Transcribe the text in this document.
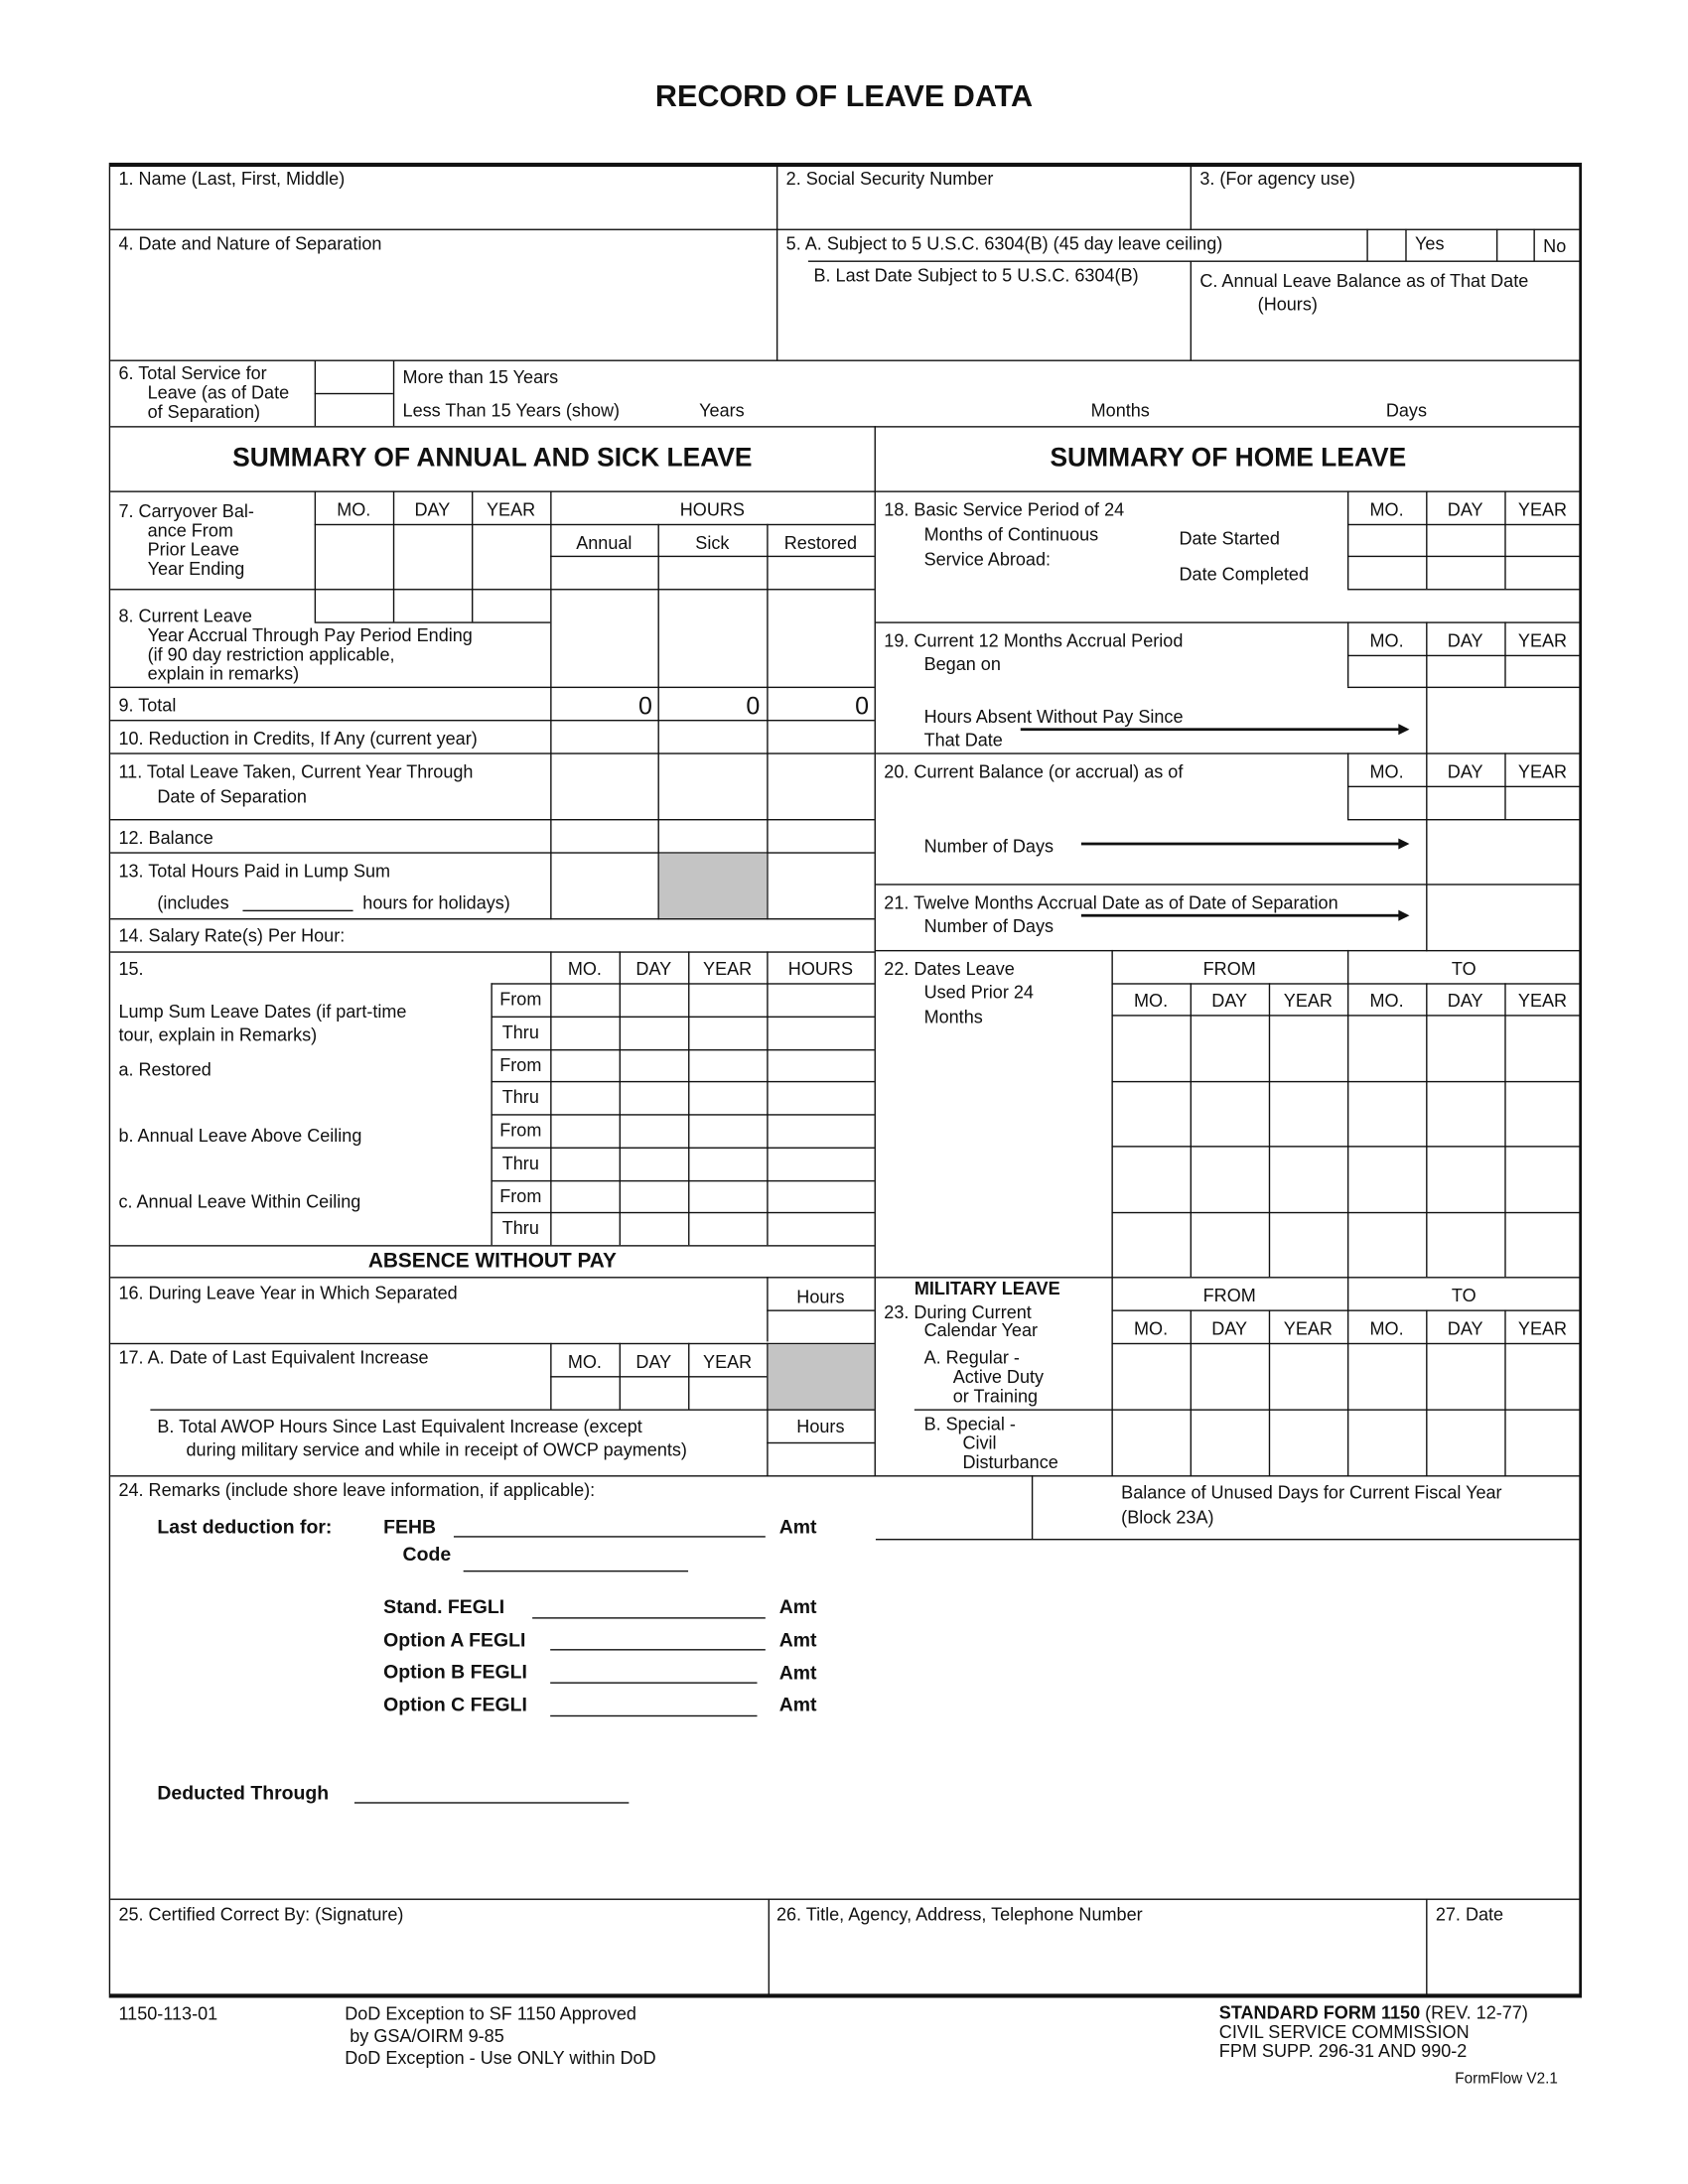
RECORD OF LEAVE DATA
1. Name (Last, First, Middle)	2. Social Security Number	3. (For agency use)
4. Date and Nature of Separation	5. A. Subject to 5 U.S.C. 6304(B) (45 day leave ceiling)	Yes	No
B. Last Date Subject to 5 U.S.C. 6304(B)	C. Annual Leave Balance as of That Date
(Hours)
6. Total Service for
Leave (as of Date
of Separation)
More than 15 Years
Less Than 15 Years (show)	Years	Months	Days
SUMMARY OF ANNUAL AND SICK LEAVE	SUMMARY OF HOME LEAVE
7. Carryover Bal-
ance From
Prior Leave
Year Ending
MO.	DAY	YEAR	HOURS
Annual	Sick	Restored
8. Current Leave
Year Accrual Through Pay Period Ending
(if 90 day restriction applicable,
explain in remarks)
9. Total	0	0	0
10. Reduction in Credits, If Any (current year)
11. Total Leave Taken, Current Year Through
Date of Separation
12. Balance
13. Total Hours Paid in Lump Sum
(includes	hours for holidays)
14. Salary Rate(s) Per Hour:
15.	MO.	DAY	YEAR	HOURS
Lump Sum Leave Dates (if part-time
tour, explain in Remarks)
a. Restored
b. Annual Leave Above Ceiling
c. Annual Leave Within Ceiling
From
Thru
From
Thru
From
Thru
From
Thru
ABSENCE WITHOUT PAY
16. During Leave Year in Which Separated	Hours
17. A. Date of Last Equivalent Increase	MO.	DAY	YEAR
B. Total AWOP Hours Since Last Equivalent Increase (except
during military service and while in receipt of OWCP payments)
Hours
18. Basic Service Period of 24
Months of Continuous
Service Abroad:
Date Started
Date Completed
MO.	DAY	YEAR
19. Current 12 Months Accrual Period
Began on
MO.	DAY	YEAR
Hours Absent Without Pay Since
That Date
20. Current Balance (or accrual) as of	MO.	DAY	YEAR
Number of Days
21. Twelve Months Accrual Date as of Date of Separation
Number of Days
22. Dates Leave
Used Prior 24
Months
FROM	TO
MO.	DAY	YEAR	MO.	DAY	YEAR
MILITARY LEAVE
23. During Current
Calendar Year
FROM	TO
A. Regular -
Active Duty
or Training
B. Special -
Civil
Disturbance
MO.	DAY	YEAR	MO.	DAY	YEAR
Balance of Unused Days for Current Fiscal Year
(Block 23A)
24. Remarks (include shore leave information, if applicable):
Last deduction for:	FEHB	Amt
Code
Stand. FEGLI	Amt
Option A FEGLI	Amt
Option B FEGLI	Amt
Option C FEGLI	Amt
Deducted Through
25. Certified Correct By: (Signature)	26. Title, Agency, Address, Telephone Number	27. Date
1150-113-01	DoD Exception to SF 1150 Approved
by GSA/OIRM 9-85
DoD Exception - Use ONLY within DoD
STANDARD FORM 1150 (REV. 12-77)
CIVIL SERVICE COMMISSION
FPM SUPP. 296-31 AND 990-2
FormFlow V2.1
